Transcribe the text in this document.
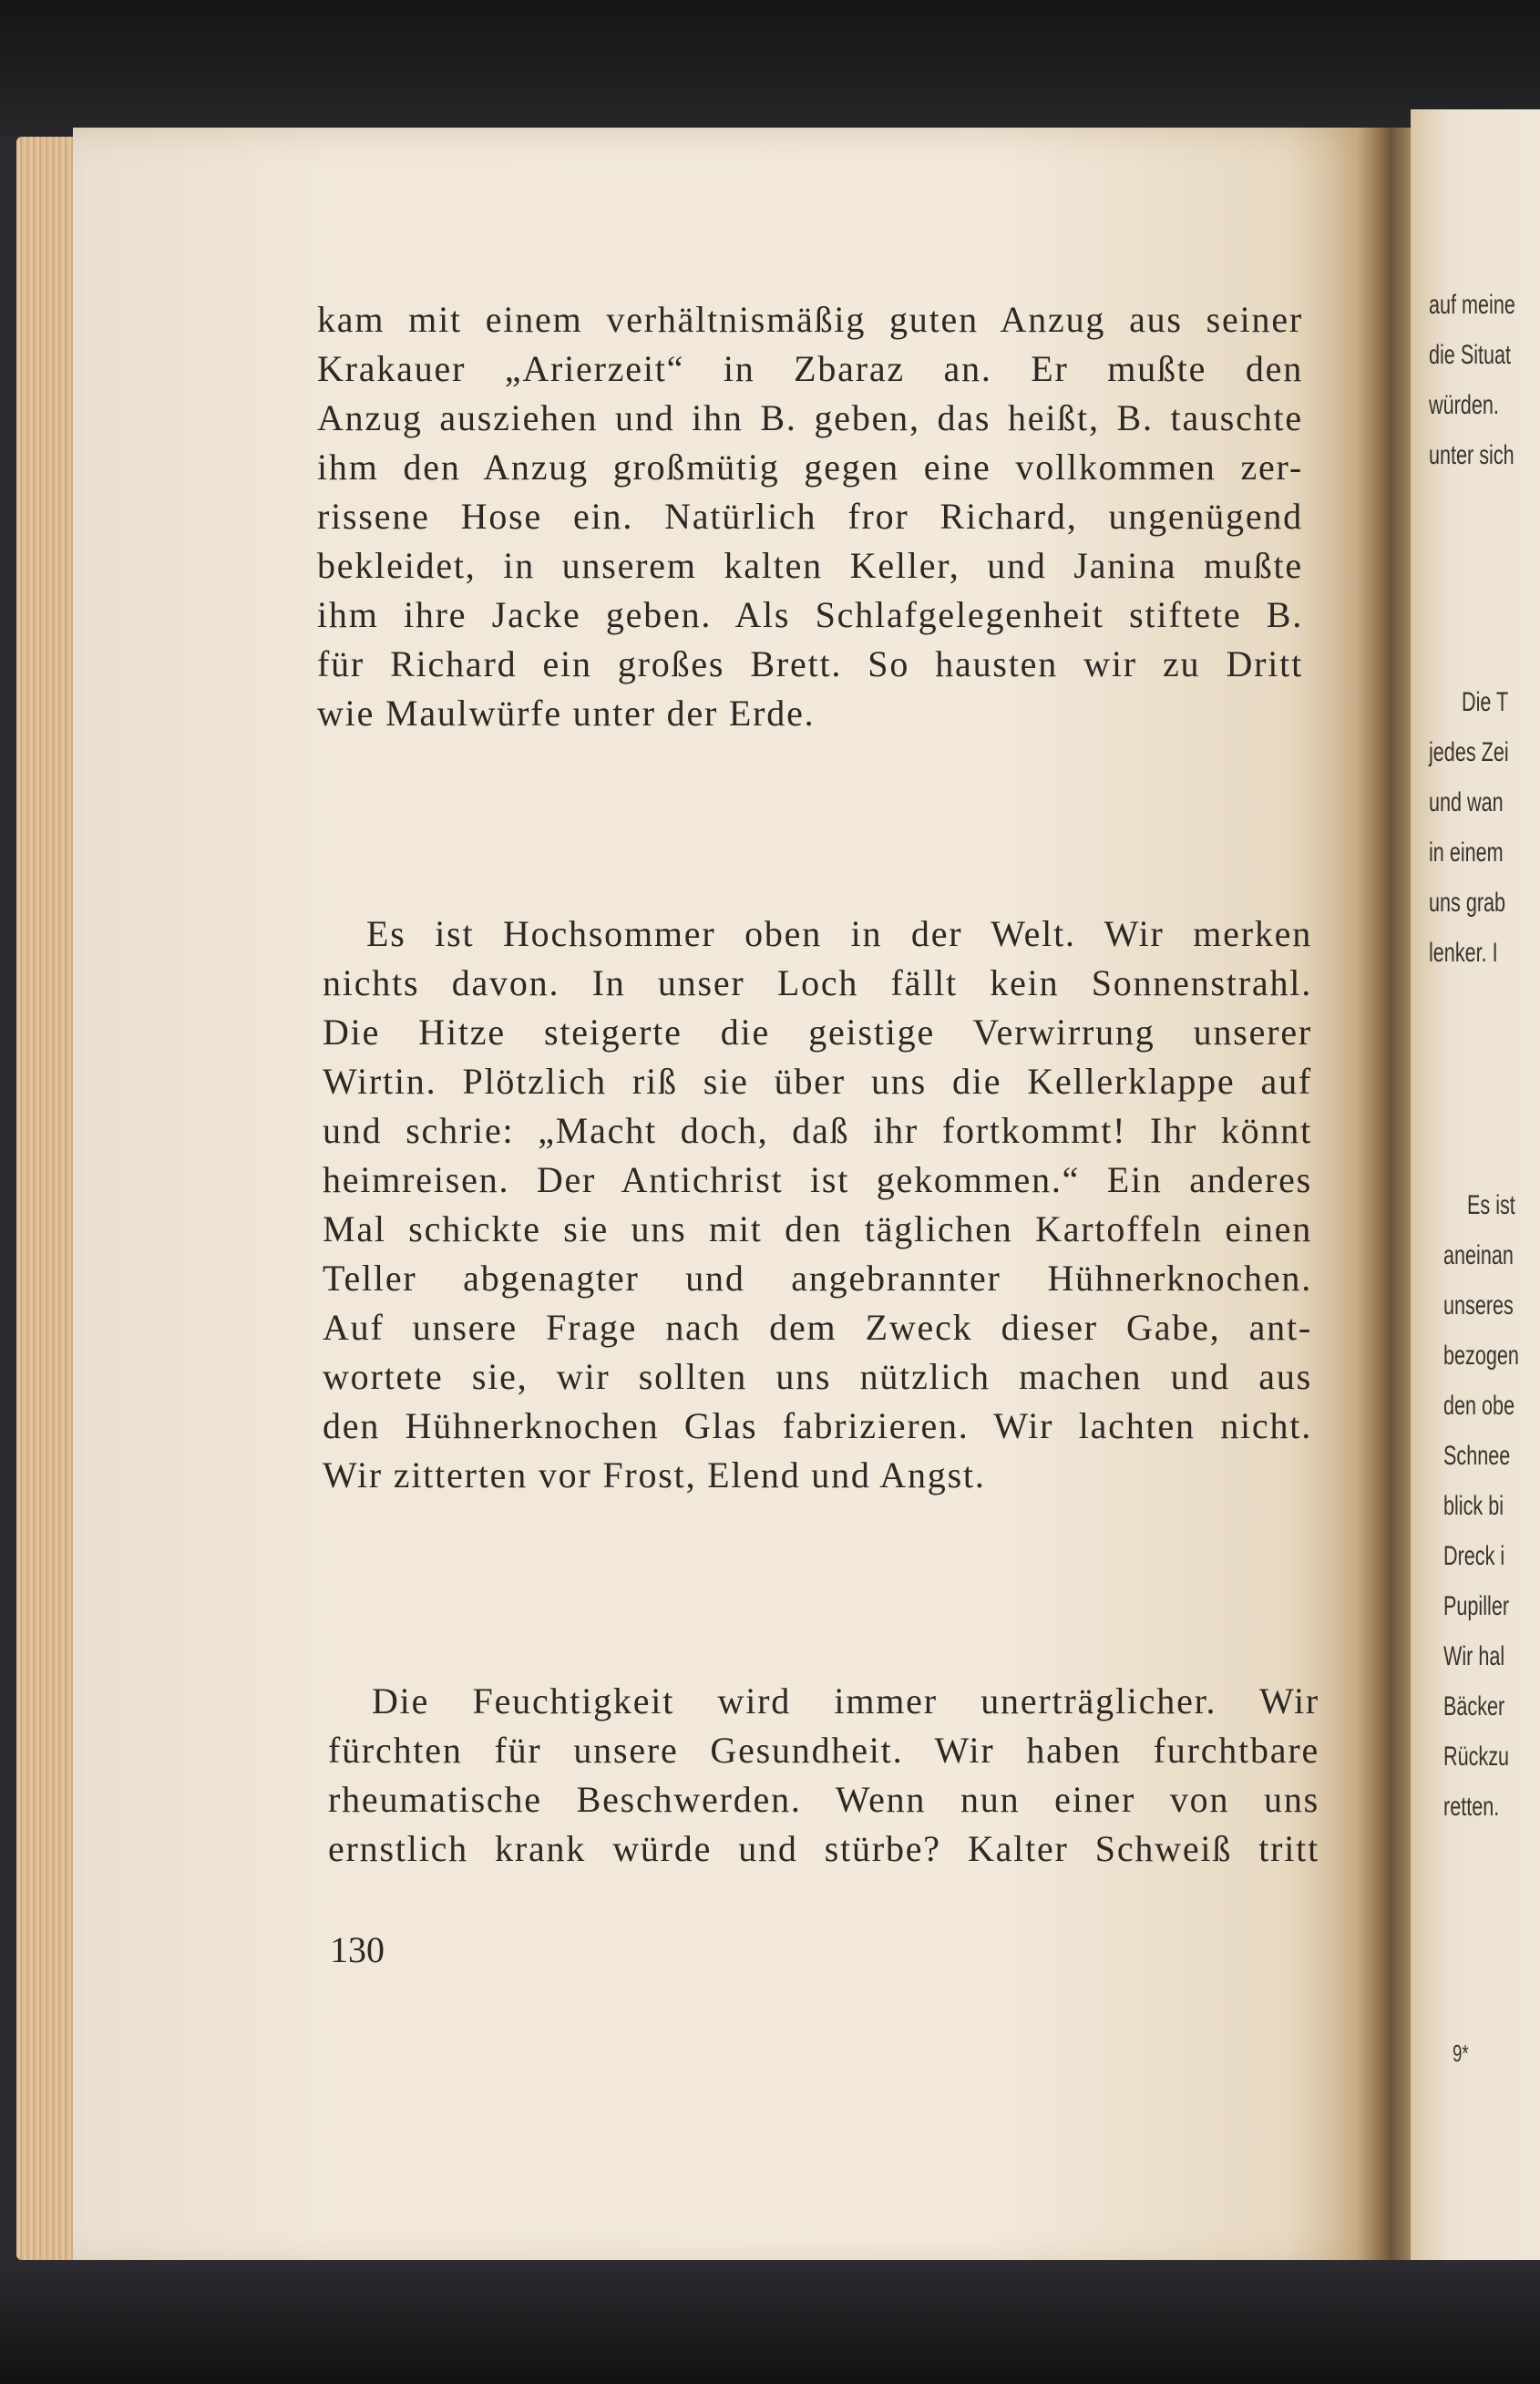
kam mit einem verhältnismäßig guten Anzug aus seiner
Krakauer „Arierzeit“ in Zbaraz an. Er mußte den
Anzug ausziehen und ihn B. geben, das heißt, B. tauschte
ihm den Anzug großmütig gegen eine vollkommen zer-
rissene Hose ein. Natürlich fror Richard, ungenügend
bekleidet, in unserem kalten Keller, und Janina mußte
ihm ihre Jacke geben. Als Schlafgelegenheit stiftete B.
für Richard ein großes Brett. So hausten wir zu Dritt
wie Maulwürfe unter der Erde.
Es ist Hochsommer oben in der Welt. Wir merken
nichts davon. In unser Loch fällt kein Sonnenstrahl.
Die Hitze steigerte die geistige Verwirrung unserer
Wirtin. Plötzlich riß sie über uns die Kellerklappe auf
und schrie: „Macht doch, daß ihr fortkommt! Ihr könnt
heimreisen. Der Antichrist ist gekommen.“ Ein anderes
Mal schickte sie uns mit den täglichen Kartoffeln einen
Teller abgenagter und angebrannter Hühnerknochen.
Auf unsere Frage nach dem Zweck dieser Gabe, ant-
wortete sie, wir sollten uns nützlich machen und aus
den Hühnerknochen Glas fabrizieren. Wir lachten nicht.
Wir zitterten vor Frost, Elend und Angst.
Die Feuchtigkeit wird immer unerträglicher. Wir
fürchten für unsere Gesundheit. Wir haben furchtbare
rheumatische Beschwerden. Wenn nun einer von uns
ernstlich krank würde und stürbe? Kalter Schweiß tritt
130
auf meine
die Situat
würden.
unter sich
Die T
jedes Zei
und wan
in einem
uns grab
lenker. I
Es ist
aneinan
unseres
bezogen
den obe
Schnee
blick bi
Dreck i
Pupiller
Wir hal
Bäcker
Rückzu
retten.
9*
